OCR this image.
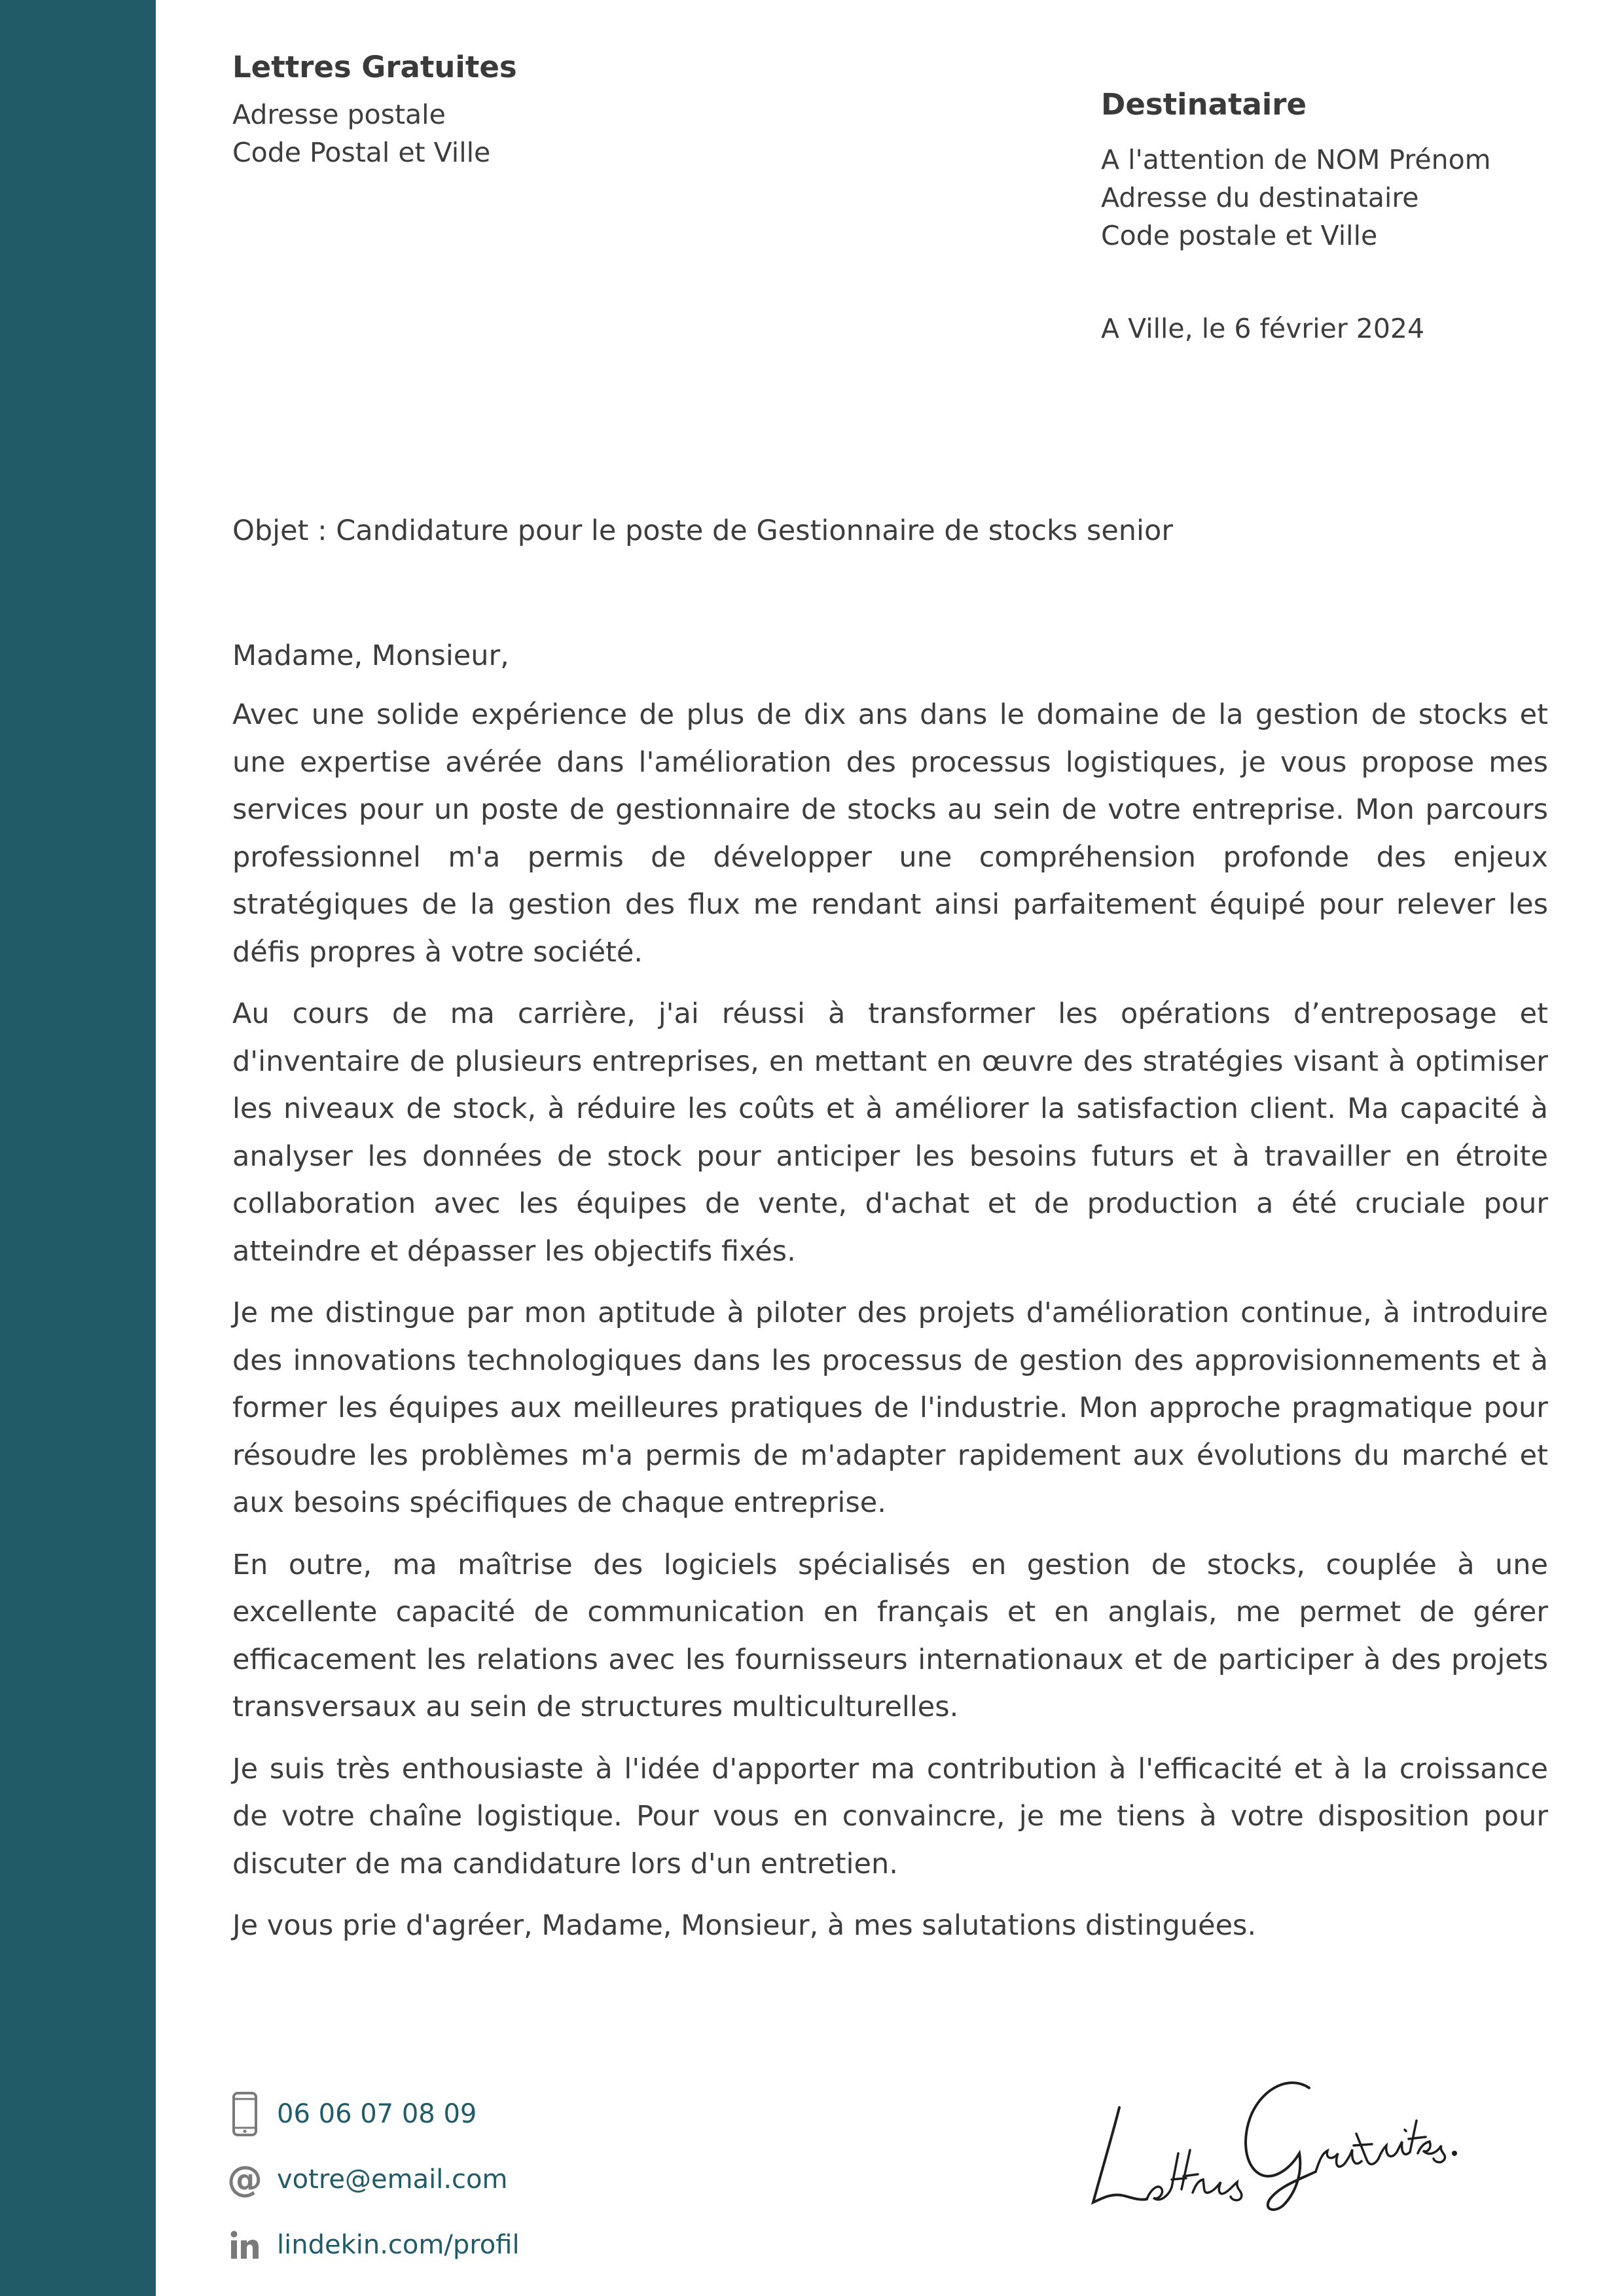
Lettres Gratuites
Adresse postale
Code Postal et Ville
Destinataire
A l'attention de NOM Prénom
Adresse du destinataire
Code postale et Ville
A Ville, le 6 février 2024
Objet : Candidature pour le poste de Gestionnaire de stocks senior

Madame, Monsieur,

Avec une solide expérience de plus de dix ans dans le domaine de la gestion de stocks et une expertise avérée dans l'amélioration des processus logistiques, je vous propose mes services pour un poste de gestionnaire de stocks au sein de votre entreprise. Mon parcours professionnel m'a permis de développer une compréhension profonde des enjeux stratégiques de la gestion des flux me rendant ainsi parfaitement équipé pour relever les défis propres à votre société.

Au cours de ma carrière, j'ai réussi à transformer les opérations d’entreposage et d'inventaire de plusieurs entreprises, en mettant en œuvre des stratégies visant à optimiser les niveaux de stock, à réduire les coûts et à améliorer la satisfaction client. Ma capacité à analyser les données de stock pour anticiper les besoins futurs et à travailler en étroite collaboration avec les équipes de vente, d'achat et de production a été cruciale pour atteindre et dépasser les objectifs fixés.

Je me distingue par mon aptitude à piloter des projets d'amélioration continue, à introduire des innovations technologiques dans les processus de gestion des approvisionnements et à former les équipes aux meilleures pratiques de l'industrie. Mon approche pragmatique pour résoudre les problèmes m'a permis de m'adapter rapidement aux évolutions du marché et aux besoins spécifiques de chaque entreprise.

En outre, ma maîtrise des logiciels spécialisés en gestion de stocks, couplée à une excellente capacité de communication en français et en anglais, me permet de gérer efficacement les relations avec les fournisseurs internationaux et de participer à des projets transversaux au sein de structures multiculturelles.

Je suis très enthousiaste à l'idée d'apporter ma contribution à l'efficacité et à la croissance de votre chaîne logistique. Pour vous en convaincre, je me tiens à votre disposition pour discuter de ma candidature lors d'un entretien.

Je vous prie d'agréer, Madame, Monsieur, à mes salutations distinguées.

06 06 07 08 09
@ votre@email.com
lindekin.com/profil
